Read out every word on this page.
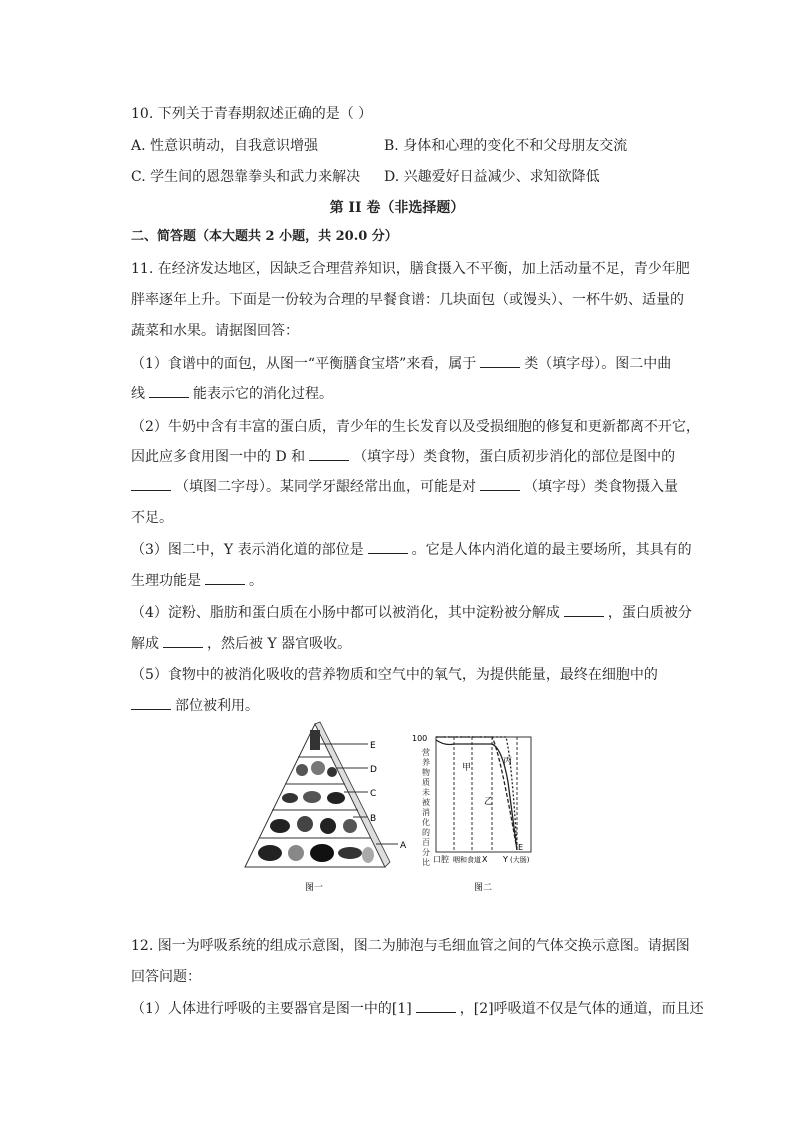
10. 下列关于青春期叙述正确的是（ ）
A. 性意识萌动，自我意识增强	B. 身体和心理的变化不和父母朋友交流
C. 学生间的恩怨靠拳头和武力来解决 D. 兴趣爱好日益减少、求知欲降低
第 II 卷（非选择题）
二、简答题（本大题共 2 小题，共 20.0 分）
11. 在经济发达地区，因缺乏合理营养知识，膳食摄入不平衡，加上活动量不足，青少年肥
胖率逐年上升。下面是一份较为合理的早餐食谱：几块面包（或馒头）、一杯牛奶、适量的
蔬菜和水果。请据图回答：
（1）食谱中的面包，从图一“平衡膳食宝塔”来看，属于	类（填字母）。图二中曲
线	能表示它的消化过程。
（2）牛奶中含有丰富的蛋白质，青少年的生长发育以及受损细胞的修复和更新都离不开它，
因此应多食用图一中的 D 和	（填字母）类食物，蛋白质初步消化的部位是图中的
（填图二字母）。某同学牙龈经常出血，可能是对	（填字母）类食物摄入量
不足。
（3）图二中，Y 表示消化道的部位是	。它是人体内消化道的最主要场所，其具有的
生理功能是	。
（4）淀粉、脂肪和蛋白质在小肠中都可以被消化，其中淀粉被分解成	，蛋白质被分
解成	，然后被 Y 器官吸收。
（5）食物中的被消化吸收的营养物质和空气中的氧气，为提供能量，最终在细胞中的
部位被利用。
E
D
C
B
A
100
营养物质未被消化的百分比
甲
乙
丙
E
口腔 咽和食道 X Y (大肠)
图一	图二
12. 图一为呼吸系统的组成示意图，图二为肺泡与毛细血管之间的气体交换示意图。请据图
回答问题：
（1）人体进行呼吸的主要器官是图一中的[1]	，[2]呼吸道不仅是气体的通道，而且还
